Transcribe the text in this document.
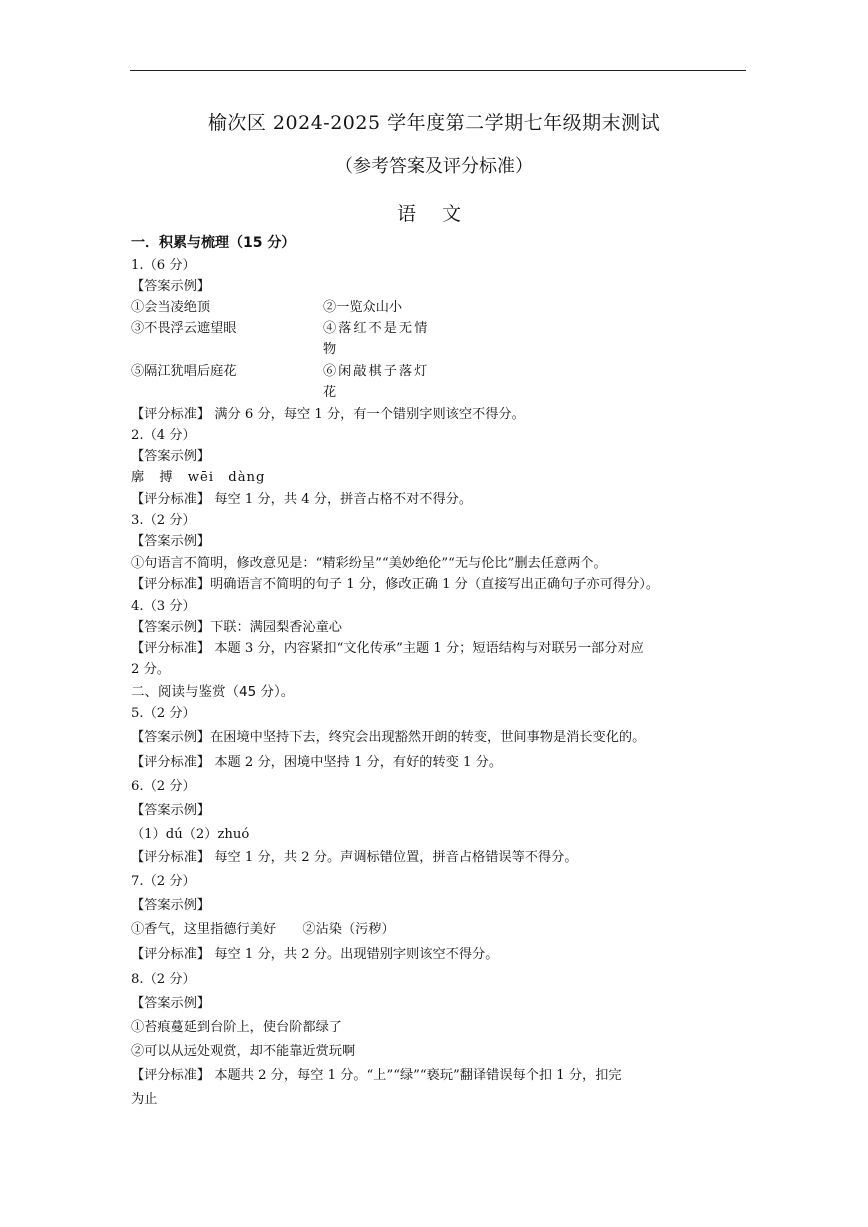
榆次区 2024-2025 学年度第二学期七年级期末测试
（参考答案及评分标准）
语 文
一．积累与梳理（15 分）
1.（6 分）
【答案示例】
①会当凌绝顶	②一览众山小
③不畏浮云遮望眼	④落红不是无情
物
⑤隔江犹唱后庭花	⑥闲敲棋子落灯
花
【评分标准】 满分 6 分，每空 1 分，有一个错别字则该空不得分。
2.（4 分）
【答案示例】
廓　搏　wēi　dàng
【评分标准】 每空 1 分，共 4 分，拼音占格不对不得分。
3.（2 分）
【答案示例】
①句语言不简明，修改意见是：“精彩纷呈”“美妙绝伦”“无与伦比”删去任意两个。
【评分标准】明确语言不简明的句子 1 分，修改正确 1 分（直接写出正确句子亦可得分）。
4.（3 分）
【答案示例】下联：满园梨香沁童心
【评分标准】 本题 3 分，内容紧扣“文化传承”主题 1 分；短语结构与对联另一部分对应
2 分。
二、阅读与鉴赏（45 分）。
5.（2 分）
【答案示例】在困境中坚持下去，终究会出现豁然开朗的转变，世间事物是消长变化的。
【评分标准】 本题 2 分，困境中坚持 1 分，有好的转变 1 分。
6.（2 分）
【答案示例】
（1）dú（2）zhuó
【评分标准】 每空 1 分，共 2 分。声调标错位置，拼音占格错误等不得分。
7.（2 分）
【答案示例】
①香气，这里指德行美好　　②沾染（污秽）
【评分标准】 每空 1 分，共 2 分。出现错别字则该空不得分。
8.（2 分）
【答案示例】
①苔痕蔓延到台阶上，使台阶都绿了
②可以从远处观赏，却不能靠近赏玩啊
【评分标准】 本题共 2 分，每空 1 分。“上”“绿”“亵玩”翻译错误每个扣 1 分，扣完
为止
